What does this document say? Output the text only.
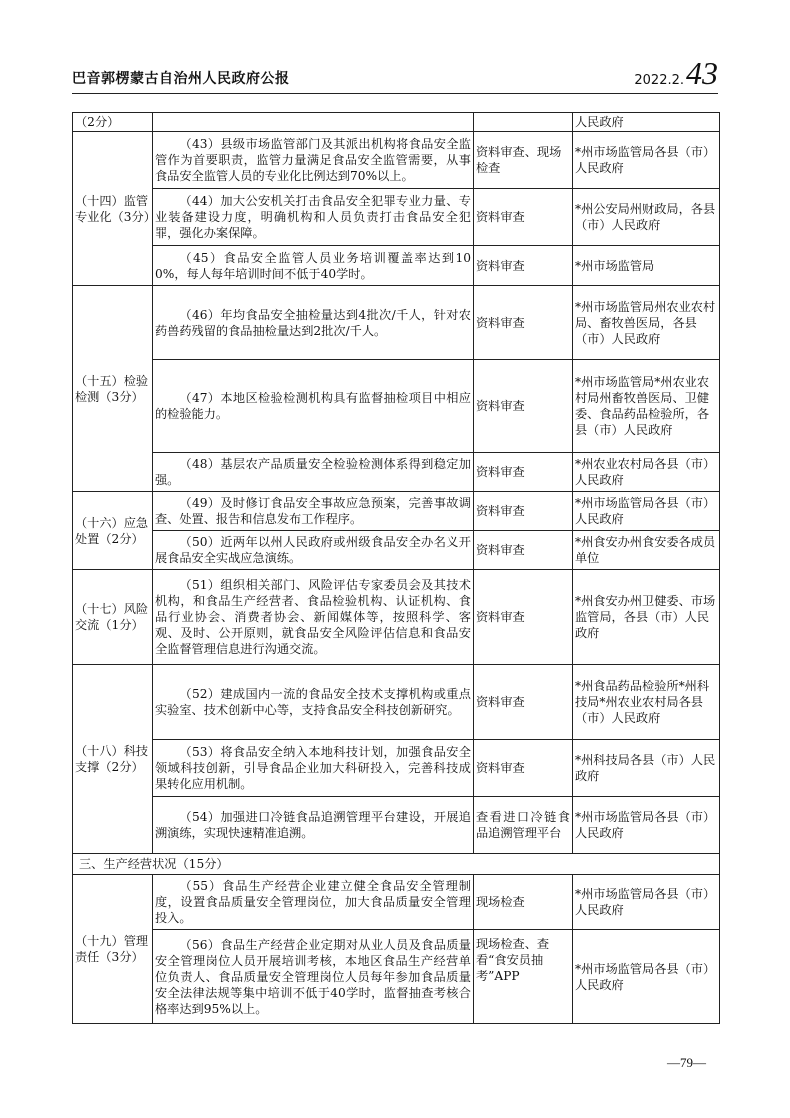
巴音郭楞蒙古自治州人民政府公报	2022.2.43
（2分）			人民政府
（十四）监管专业化（3分）	（43）县级市场监管部门及其派出机构将食品安全监管作为首要职责，监管力量满足食品安全监管需要，从事食品安全监管人员的专业化比例达到70%以上。	资料审查、现场检查	*州市场监管局各县（市）人民政府

	（44）加大公安机关打击食品安全犯罪专业力量、专业装备建设力度，明确机构和人员负责打击食品安全犯罪，强化办案保障。	资料审查	*州公安局州财政局，各县（市）人民政府
	（45）食品安全监管人员业务培训覆盖率达到100%，每人每年培训时间不低于40学时。	资料审查	*州市场监管局
（十五）检验检测（3分）	（46）年均食品安全抽检量达到4批次/千人，针对农药兽药残留的食品抽检量达到2批次/千人。	资料审查	*州市场监管局州农业农村局、畜牧兽医局，各县（市）人民政府
	（47）本地区检验检测机构具有监督抽检项目中相应的检验能力。	资料审查	*州市场监管局*州农业农村局州畜牧兽医局、卫健委、食品药品检验所，各县（市）人民政府
	（48）基层农产品质量安全检验检测体系得到稳定加强。	资料审查	*州农业农村局各县（市）人民政府
（十六）应急处置（2分）	（49）及时修订食品安全事故应急预案，完善事故调查、处置、报告和信息发布工作程序。	资料审查	*州市场监管局各县（市）人民政府
	（50）近两年以州人民政府或州级食品安全办名义开展食品安全实战应急演练。	资料审查	*州食安办州食安委各成员单位
（十七）风险交流（1分）	（51）组织相关部门、风险评估专家委员会及其技术机构，和食品生产经营者、食品检验机构、认证机构、食品行业协会、消费者协会、新闻媒体等，按照科学、客观、及时、公开原则，就食品安全风险评估信息和食品安全监督管理信息进行沟通交流。	资料审查	*州食安办州卫健委、市场监管局，各县（市）人民政府
（十八）科技支撑（2分）	（52）建成国内一流的食品安全技术支撑机构或重点实验室、技术创新中心等，支持食品安全科技创新研究。	资料审查	*州食品药品检验所*州科技局*州农业农村局各县（市）人民政府
	（53）将食品安全纳入本地科技计划，加强食品安全领域科技创新，引导食品企业加大科研投入，完善科技成果转化应用机制。	资料审查	*州科技局各县（市）人民政府
	（54）加强进口冷链食品追溯管理平台建设，开展追溯演练，实现快速精准追溯。	查看进口冷链食品追溯管理平台	*州市场监管局各县（市）人民政府
三、生产经营状况（15分）			
（十九）管理责任（3分）	（55）食品生产经营企业建立健全食品安全管理制度，设置食品质量安全管理岗位，加大食品质量安全管理投入。	现场检查	*州市场监管局各县（市）人民政府
	（56）食品生产经营企业定期对从业人员及食品质量安全管理岗位人员开展培训考核，本地区食品生产经营单位负责人、食品质量安全管理岗位人员每年参加食品质量安全法律法规等集中培训不低于40学时，监督抽查考核合格率达到95%以上。	现场检查、查看“食安员抽考”APP	*州市场监管局各县（市）人民政府
—79—
